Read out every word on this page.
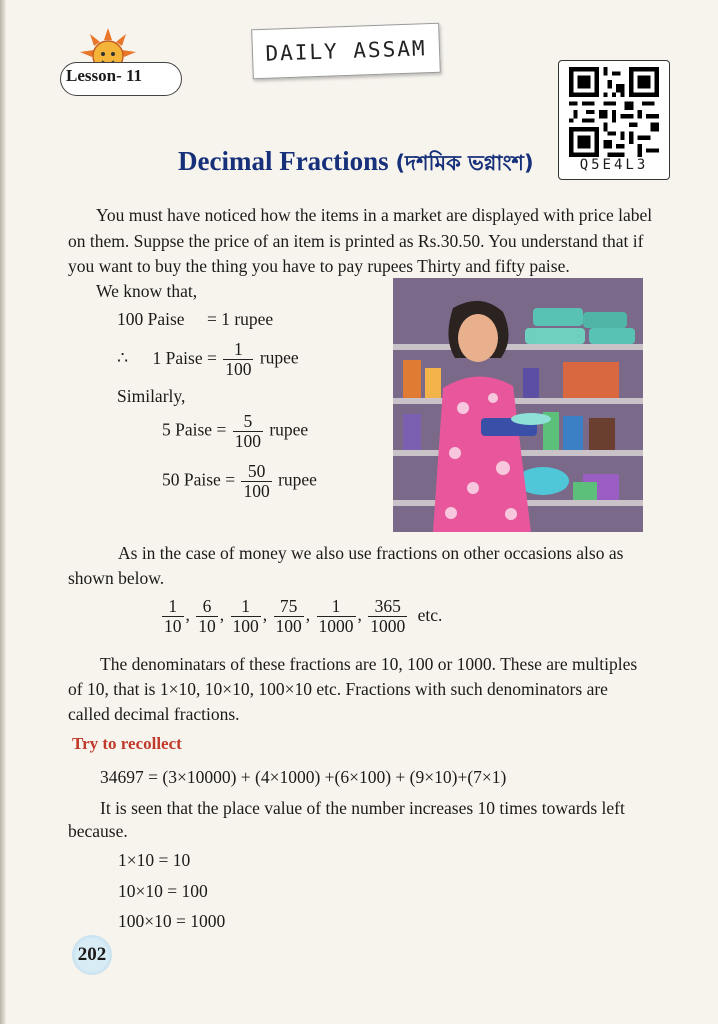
Lesson- 11
DAILY ASSAM
Q5E4L3
Decimal Fractions (দশমিক ভগ্নাংশ)
You must have noticed how the items in a market are displayed with price label
on them. Suppse the price of an item is printed as Rs.30.50. You understand that if
you want to buy the thing you have to pay rupees Thirty and fifty paise.
We know that,
100 Paise = 1 rupee
∴ 1 Paise = $\frac{1}{100}$ rupee
Similarly,
5 Paise = $\frac{5}{100}$ rupee
50 Paise = $\frac{50}{100}$ rupee
As in the case of money we also use fractions on other occasions also as
shown below.
$\frac{1}{10}$ , $\frac{6}{10}$ , $\frac{1}{100}$ , $\frac{75}{100}$ , $\frac{1}{1000}$ , $\frac{365}{1000}$ etc.
The denominatars of these fractions are 10, 100 or 1000. These are multiples
of 10, that is 1×10, 10×10, 100×10 etc. Fractions with such denominators are
called decimal fractions.
Try to recollect
34697 = (3×10000) + (4×1000) +(6×100) + (9×10)+(7×1)
It is seen that the place value of the number increases 10 times towards left
because.
1×10 = 10
10×10 = 100
100×10 = 1000
202
